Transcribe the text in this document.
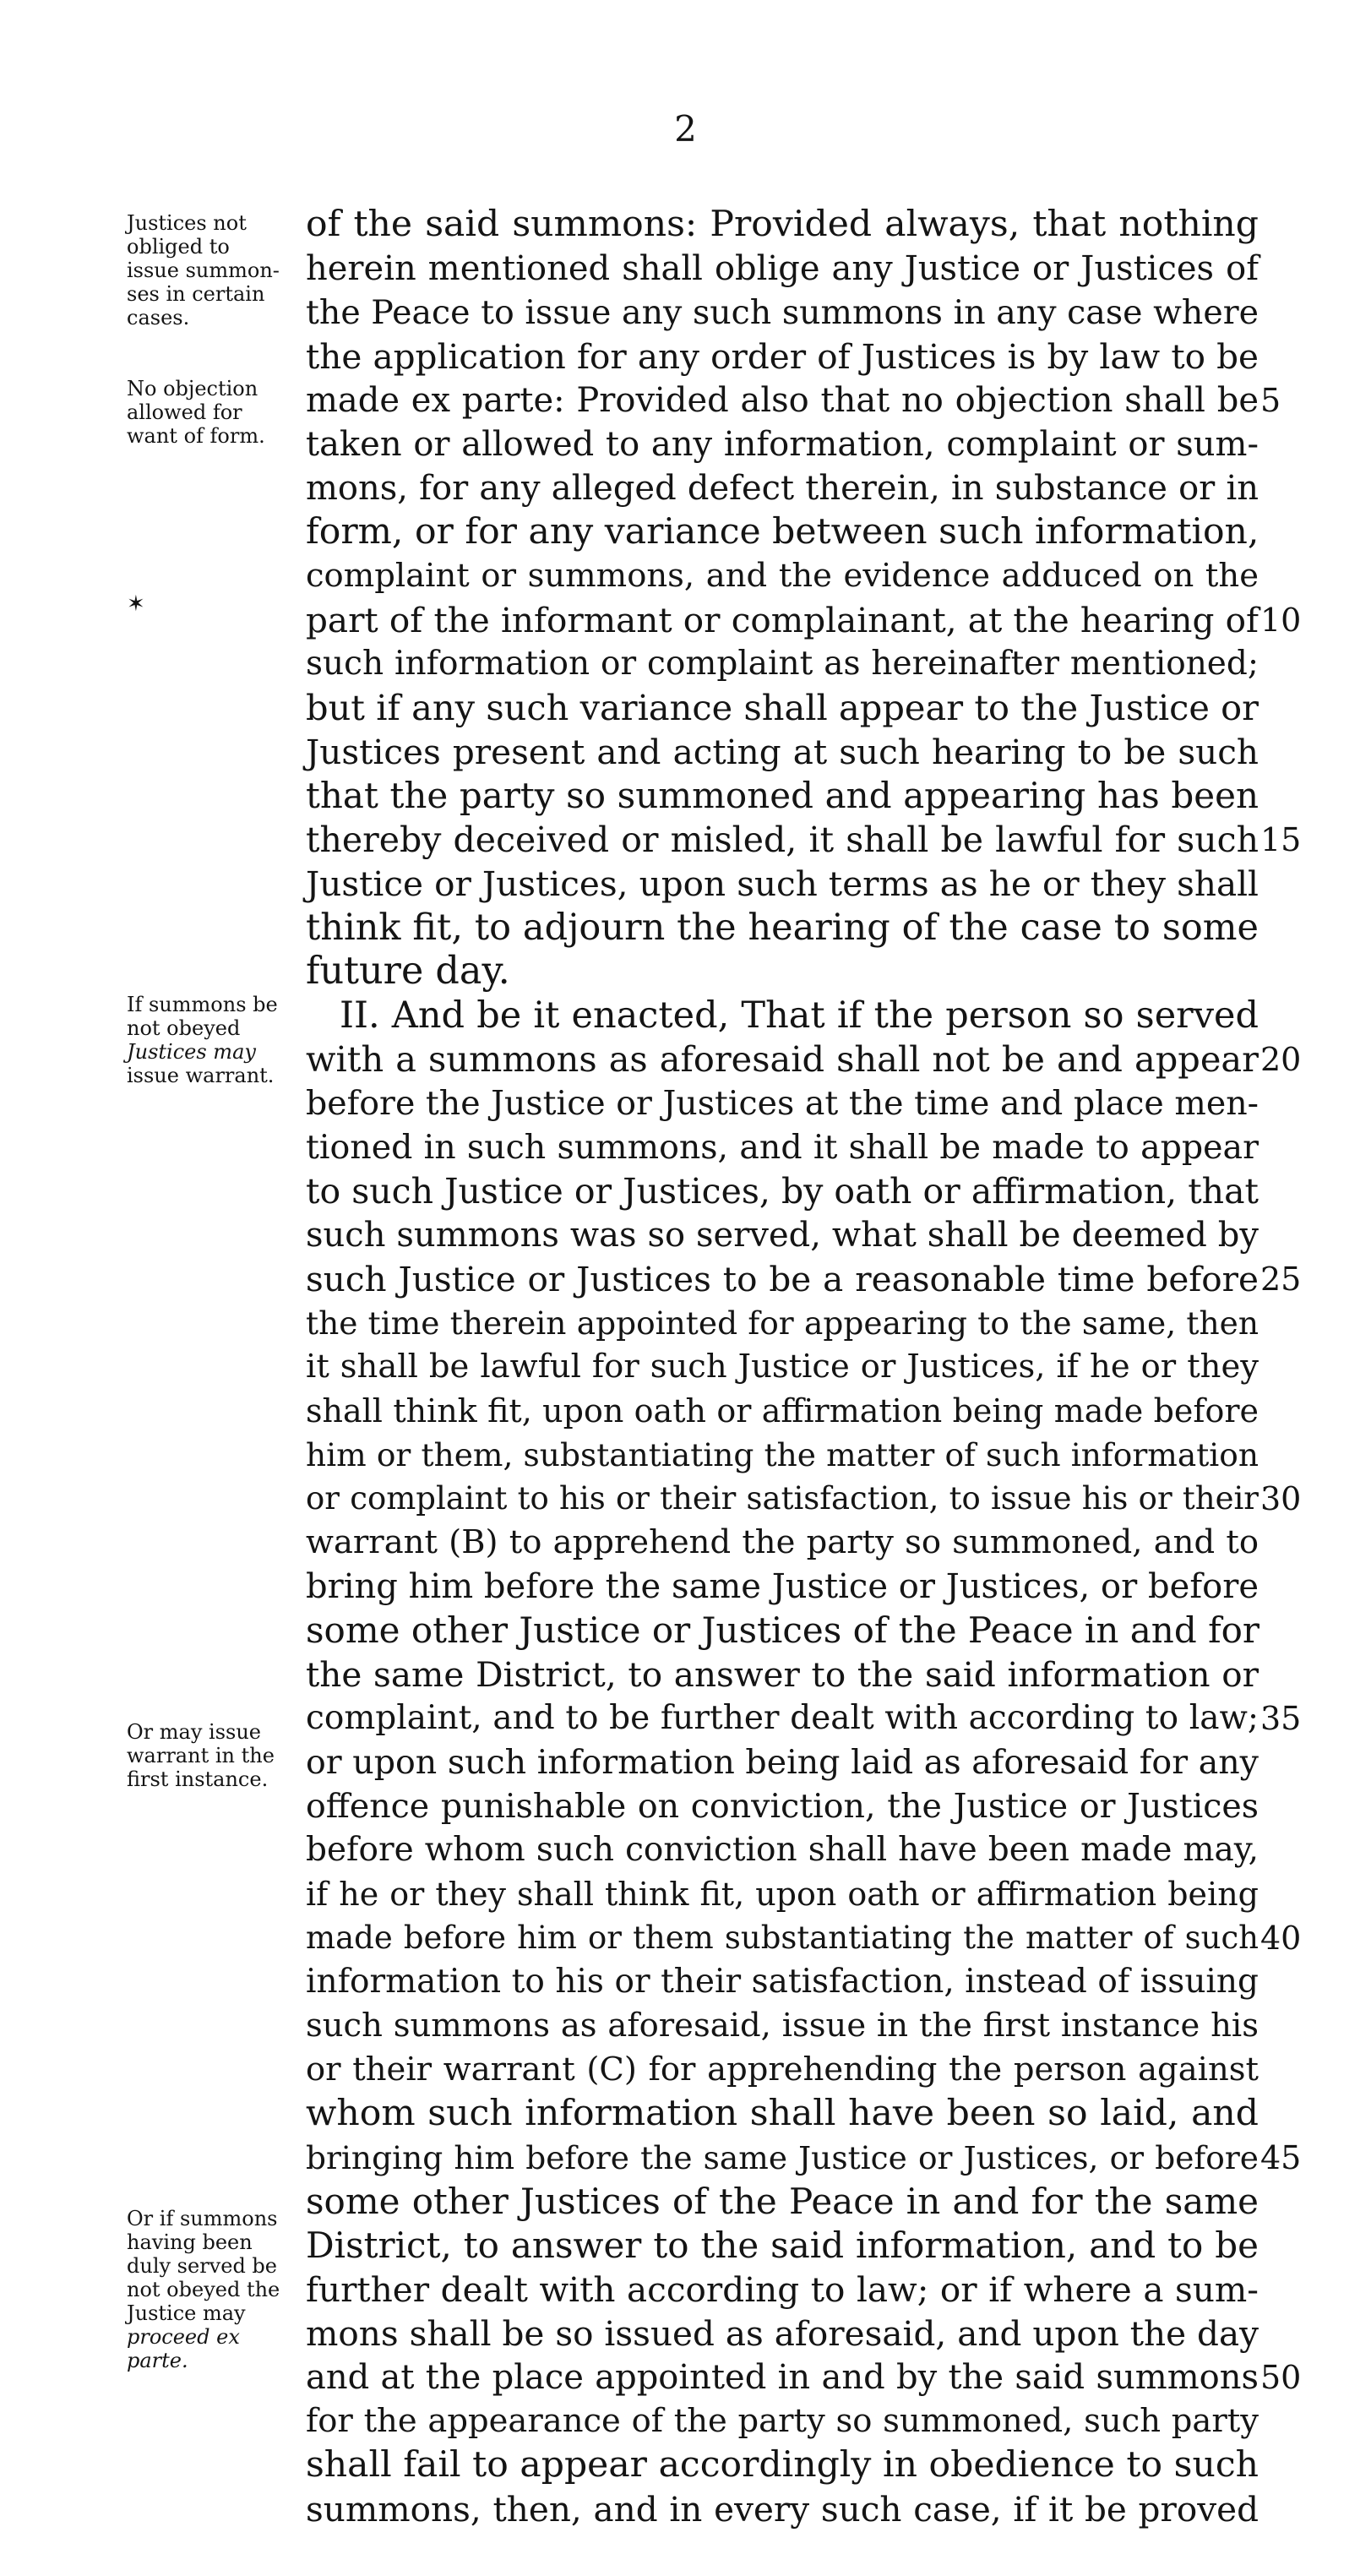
2
Justices not
obliged to
issue summon-
ses in certain
cases.
No objection
allowed for
want of form.
✶
If summons be
not obeyed
Justices may
issue warrant.
Or may issue
warrant in the
first instance.
Or if summons
having been
duly served be
not obeyed the
Justice may
proceed ex
parte.
of the said summons: Provided always, that nothing
herein mentioned shall oblige any Justice or Justices of
the Peace to issue any such summons in any case where
the application for any order of Justices is by law to be
made ex parte: Provided also that no objection shall be
taken or allowed to any information, complaint or sum-
mons, for any alleged defect therein, in substance or in
form, or for any variance between such information,
complaint or summons, and the evidence adduced on the
part of the informant or complainant, at the hearing of
such information or complaint as hereinafter mentioned;
but if any such variance shall appear to the Justice or
Justices present and acting at such hearing to be such
that the party so summoned and appearing has been
thereby deceived or misled, it shall be lawful for such
Justice or Justices, upon such terms as he or they shall
think fit, to adjourn the hearing of the case to some
future day.
II. And be it enacted, That if the person so served
with a summons as aforesaid shall not be and appear
before the Justice or Justices at the time and place men-
tioned in such summons, and it shall be made to appear
to such Justice or Justices, by oath or affirmation, that
such summons was so served, what shall be deemed by
such Justice or Justices to be a reasonable time before
the time therein appointed for appearing to the same, then
it shall be lawful for such Justice or Justices, if he or they
shall think fit, upon oath or affirmation being made before
him or them, substantiating the matter of such information
or complaint to his or their satisfaction, to issue his or their
warrant (B) to apprehend the party so summoned, and to
bring him before the same Justice or Justices, or before
some other Justice or Justices of the Peace in and for
the same District, to answer to the said information or
complaint, and to be further dealt with according to law;
or upon such information being laid as aforesaid for any
offence punishable on conviction, the Justice or Justices
before whom such conviction shall have been made may,
if he or they shall think fit, upon oath or affirmation being
made before him or them substantiating the matter of such
information to his or their satisfaction, instead of issuing
such summons as aforesaid, issue in the first instance his
or their warrant (C) for apprehending the person against
whom such information shall have been so laid, and
bringing him before the same Justice or Justices, or before
some other Justices of the Peace in and for the same
District, to answer to the said information, and to be
further dealt with according to law; or if where a sum-
mons shall be so issued as aforesaid, and upon the day
and at the place appointed in and by the said summons
for the appearance of the party so summoned, such party
shall fail to appear accordingly in obedience to such
summons, then, and in every such case, if it be proved
5
10
15
20
25
30
35
40
45
50
